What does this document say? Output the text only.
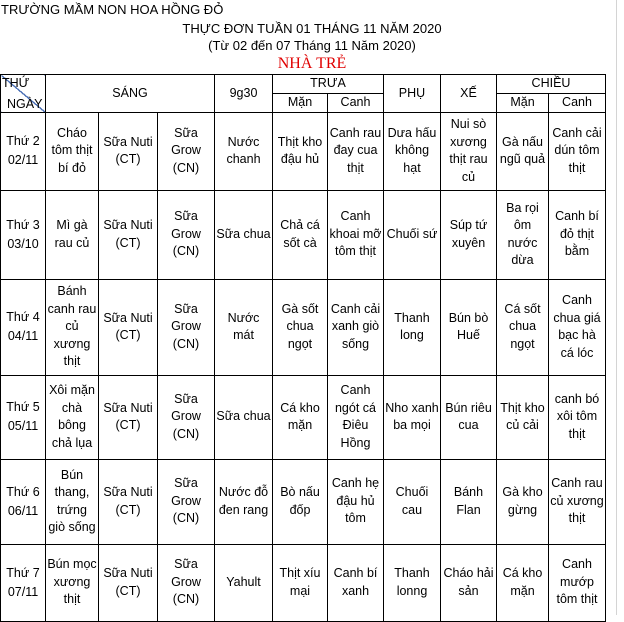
TRƯỜNG MẦM NON HOA HỒNG ĐỎ
THỰC ĐƠN TUẦN 01 THÁNG 11 NĂM 2020
(Từ 02 đến 07 Tháng 11 Năm 2020)
NHÀ TRẺ
THỨ
NGÀY	SÁNG			9g30	TRƯA		PHỤ	XẾ	CHIỀU	
					Mặn	Canh			Mặn	Canh
Thứ 2
02/11	Cháo tôm thịt bí đỏ	Sữa Nuti (CT)	Sữa Grow (CN)	Nước chanh	Thịt kho đậu hủ	Canh rau đay cua thịt	Dưa hấu không hạt	Nui sò xương thịt rau củ	Gà nấu ngũ quả	Canh cải dún tôm thịt
Thứ 3
03/10	Mì gà rau củ	Sữa Nuti (CT)	Sữa Grow (CN)	Sữa chua	Chả cá sốt cà	Canh khoai mỡ tôm thịt	Chuối sứ	Súp tứ xuyên	Ba rọi ôm nước dừa	Canh bí đỏ thịt bằm
Thứ 4
04/11	Bánh canh rau củ xương thịt	Sữa Nuti (CT)	Sữa Grow (CN)	Nước mát	Gà sốt chua ngọt	Canh cải xanh giò sống	Thanh long	Bún bò Huế	Cá sốt chua ngọt	Canh chua giá bạc hà cá lóc
Thứ 5
05/11	Xôi mặn chà bông chả lụa	Sữa Nuti (CT)	Sữa Grow (CN)	Sữa chua	Cá kho mặn	Canh ngót cá Điêu Hồng	Nho xanh ba mọi	Bún riêu cua	Thịt kho củ cải	canh bó xôi tôm thịt
Thứ 6
06/11	Bún thang, trứng giò sống	Sữa Nuti (CT)	Sữa Grow (CN)	Nước đỗ đen rang	Bò nấu đốp	Canh hẹ đậu hủ tôm	Chuối cau	Bánh Flan	Gà kho gừng	Canh rau củ xương thịt
Thứ 7
07/11	Bún mọc xương thịt	Sữa Nuti (CT)	Sữa Grow (CN)	Yahult	Thịt xíu mại	Canh bí xanh	Thanh lonng	Cháo hải sản	Cá kho mặn	Canh mướp tôm thịt
